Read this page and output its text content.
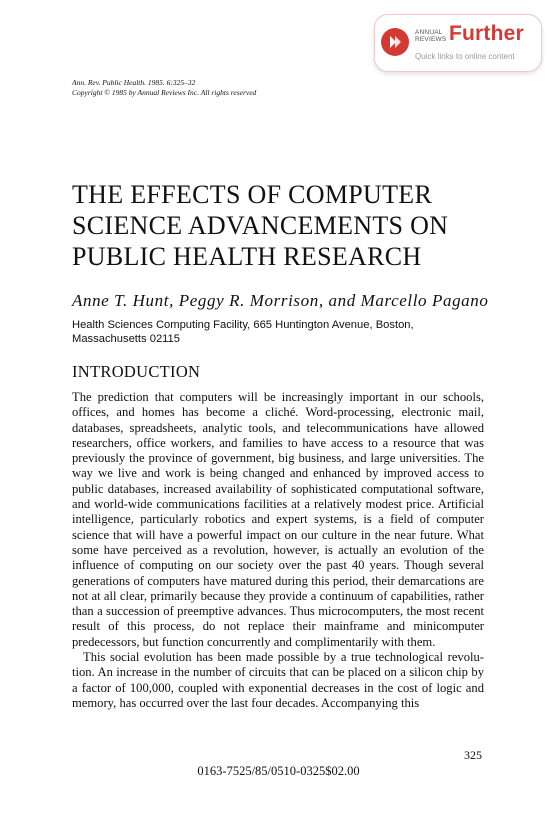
ANNUAL
REVIEWS Further
Quick links to online content
Ann. Rev. Public Health. 1985. 6:325–32
Copyright © 1985 by Annual Reviews Inc. All rights reserved
THE EFFECTS OF COMPUTER
SCIENCE ADVANCEMENTS ON
PUBLIC HEALTH RESEARCH
Anne T. Hunt, Peggy R. Morrison, and Marcello Pagano
Health Sciences Computing Facility, 665 Huntington Avenue, Boston, Massachusetts 02115
INTRODUCTION

The prediction that computers will be increasingly important in our schools, offices, and homes has become a cliché. Word-processing, electronic mail, databases, spreadsheets, analytic tools, and telecommunications have allowed researchers, office workers, and families to have access to a resource that was previously the province of government, big business, and large universities. The way we live and work is being changed and enhanced by improved access to public databases, increased availability of sophisticated computational software, and world-wide communications facilities at a relatively modest price. Artificial intelligence, particularly robotics and expert systems, is a field of computer science that will have a powerful impact on our culture in the near future. What some have perceived as a revolution, however, is actually an evolution of the influence of computing on our society over the past 40 years. Though several generations of computers have matured during this period, their demarcations are not at all clear, primarily because they provide a continuum of capabilities, rather than a succession of preemptive advances. Thus microcomputers, the most recent result of this process, do not replace their mainframe and minicomputer predecessors, but function concurrently and complimentarily with them.

This social evolution has been made possible by a true technological revolution. An increase in the number of circuits that can be placed on a silicon chip by a factor of 100,000, coupled with exponential decreases in the cost of logic and memory, has occurred over the last four decades. Accompanying this

325
0163-7525/85/0510-0325$02.00
